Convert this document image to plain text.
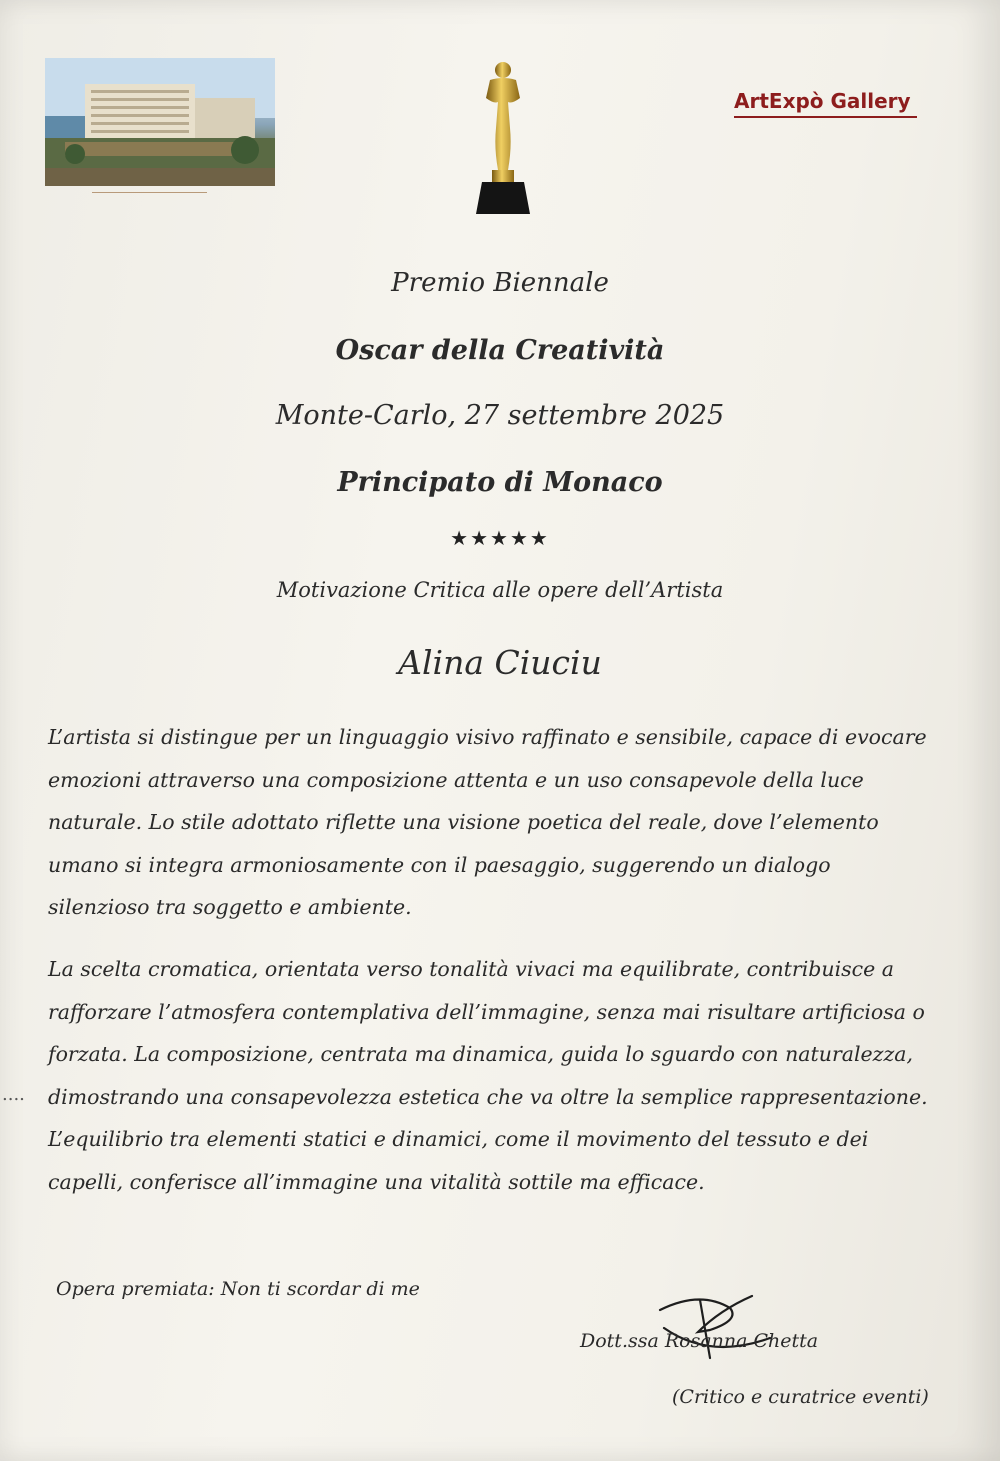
ArtExpò Gallery
Premio Biennale
Oscar della Creatività
Monte-Carlo, 27 settembre 2025
Principato di Monaco
★★★★★
Motivazione Critica alle opere dell’Artista
Alina Ciuciu

L’artista si distingue per un linguaggio visivo raffinato e sensibile, capace di evocare emozioni attraverso una composizione attenta e un uso consapevole della luce naturale. Lo stile adottato riflette una visione poetica del reale, dove l’elemento umano si integra armoniosamente con il paesaggio, suggerendo un dialogo silenzioso tra soggetto e ambiente.

La scelta cromatica, orientata verso tonalità vivaci ma equilibrate, contribuisce a rafforzare l’atmosfera contemplativa dell’immagine, senza mai risultare artificiosa o forzata. La composizione, centrata ma dinamica, guida lo sguardo con naturalezza, dimostrando una consapevolezza estetica che va oltre la semplice rappresentazione. L’equilibrio tra elementi statici e dinamici, come il movimento del tessuto e dei capelli, conferisce all’immagine una vitalità sottile ma efficace.

....
Opera premiata: Non ti scordar di me
Dott.ssa Rosanna Chetta
(Critico e curatrice eventi)
